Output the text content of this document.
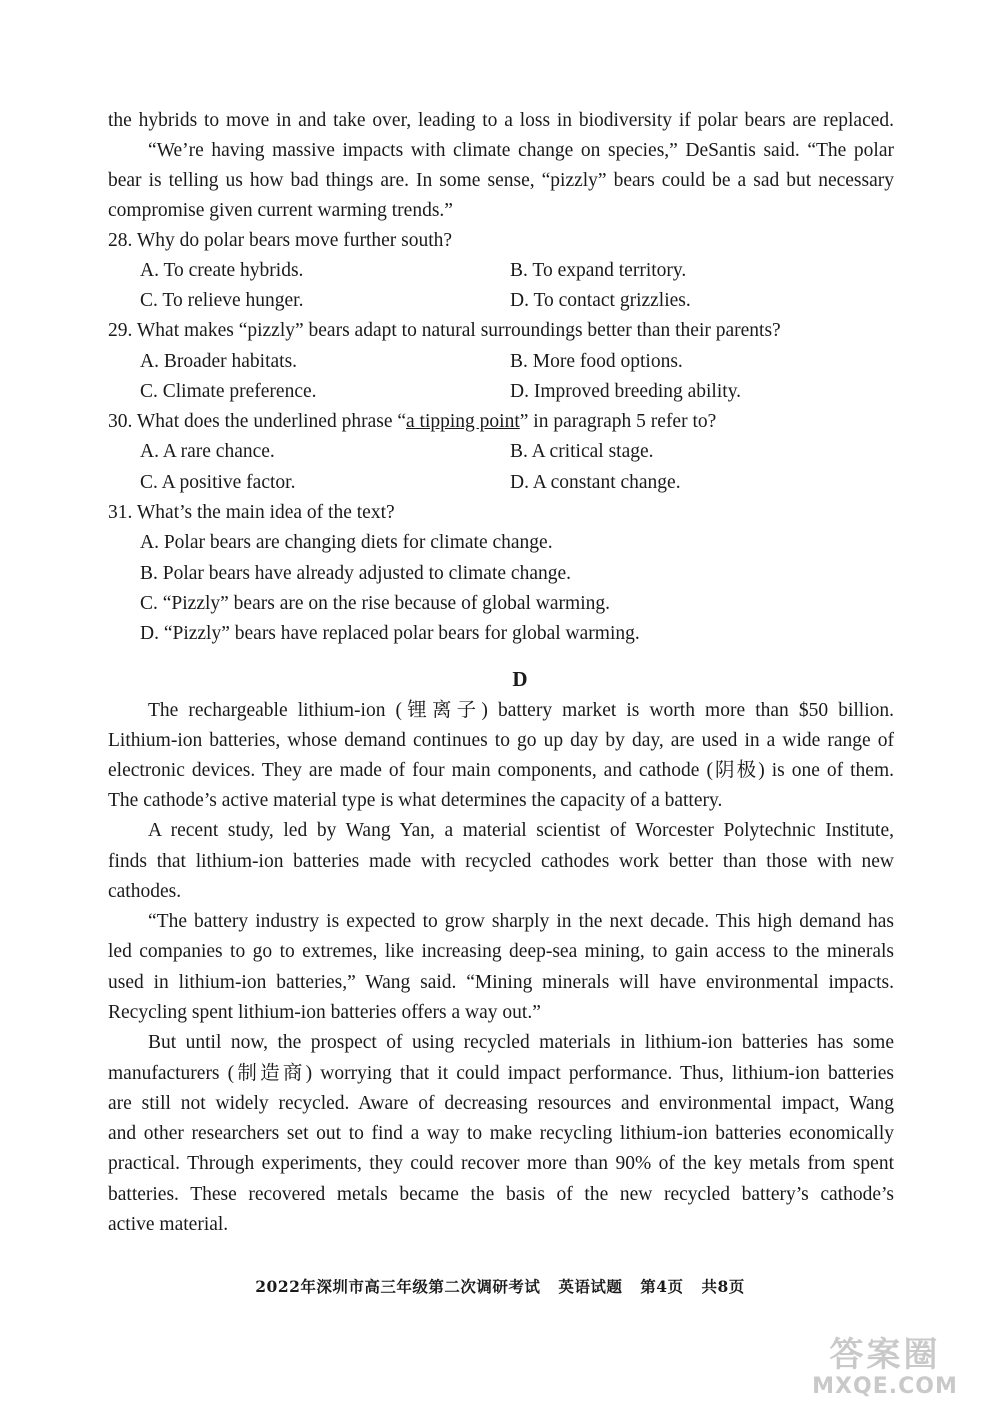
the hybrids to move in and take over, leading to a loss in biodiversity if polar bears are replaced.
“We’re having massive impacts with climate change on species,” DeSantis said. “The polar
bear is telling us how bad things are. In some sense, “pizzly” bears could be a sad but necessary
compromise given current warming trends.”
28. Why do polar bears move further south?
A. To create hybrids.	B. To expand territory.
C. To relieve hunger.	D. To contact grizzlies.
29. What makes “pizzly” bears adapt to natural surroundings better than their parents?
A. Broader habitats.	B. More food options.
C. Climate preference.	D. Improved breeding ability.
30. What does the underlined phrase “a tipping point” in paragraph 5 refer to?
A. A rare chance.	B. A critical stage.
C. A positive factor.	D. A constant change.
31. What’s the main idea of the text?
A. Polar bears are changing diets for climate change.
B. Polar bears have already adjusted to climate change.
C. “Pizzly” bears are on the rise because of global warming.
D. “Pizzly” bears have replaced polar bears for global warming.
D
The rechargeable lithium-ion (锂离子) battery market is worth more than $50 billion.
Lithium-ion batteries, whose demand continues to go up day by day, are used in a wide range of
electronic devices. They are made of four main components, and cathode (阴极) is one of them.
The cathode’s active material type is what determines the capacity of a battery.
A recent study, led by Wang Yan, a material scientist of Worcester Polytechnic Institute,
finds that lithium-ion batteries made with recycled cathodes work better than those with new
cathodes.
“The battery industry is expected to grow sharply in the next decade. This high demand has
led companies to go to extremes, like increasing deep-sea mining, to gain access to the minerals
used in lithium-ion batteries,” Wang said. “Mining minerals will have environmental impacts.
Recycling spent lithium-ion batteries offers a way out.”
But until now, the prospect of using recycled materials in lithium-ion batteries has some
manufacturers (制造商) worrying that it could impact performance. Thus, lithium-ion batteries
are still not widely recycled. Aware of decreasing resources and environmental impact, Wang
and other researchers set out to find a way to make recycling lithium-ion batteries economically
practical. Through experiments, they could recover more than 90% of the key metals from spent
batteries. These recovered metals became the basis of the new recycled battery’s cathode’s
active material.
2022年深圳市高三年级第二次调研考试 英语试题 第4页 共8页
答案圈
MXQE.COM
